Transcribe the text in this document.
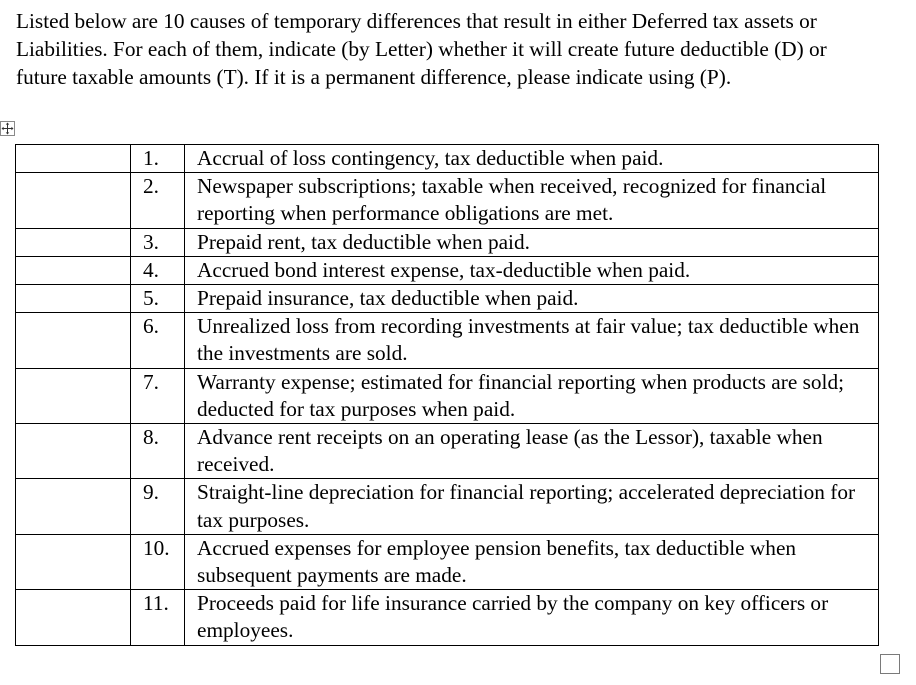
Listed below are 10 causes of temporary differences that result in either Deferred tax assets or Liabilities. For each of them, indicate (by Letter) whether it will create future deductible (D) or future taxable amounts (T). If it is a permanent difference, please indicate using (P).

	1.	Accrual of loss contingency, tax deductible when paid.
	2.	Newspaper subscriptions; taxable when received, recognized for financial reporting when performance obligations are met.
	3.	Prepaid rent, tax deductible when paid.
	4.	Accrued bond interest expense, tax-deductible when paid.
	5.	Prepaid insurance, tax deductible when paid.
	6.	Unrealized loss from recording investments at fair value; tax deductible when the investments are sold.
	7.	Warranty expense; estimated for financial reporting when products are sold; deducted for tax purposes when paid.
	8.	Advance rent receipts on an operating lease (as the Lessor), taxable when received.
	9.	Straight-line depreciation for financial reporting; accelerated depreciation for tax purposes.
	10.	Accrued expenses for employee pension benefits, tax deductible when subsequent payments are made.
	11.	Proceeds paid for life insurance carried by the company on key officers or employees.
